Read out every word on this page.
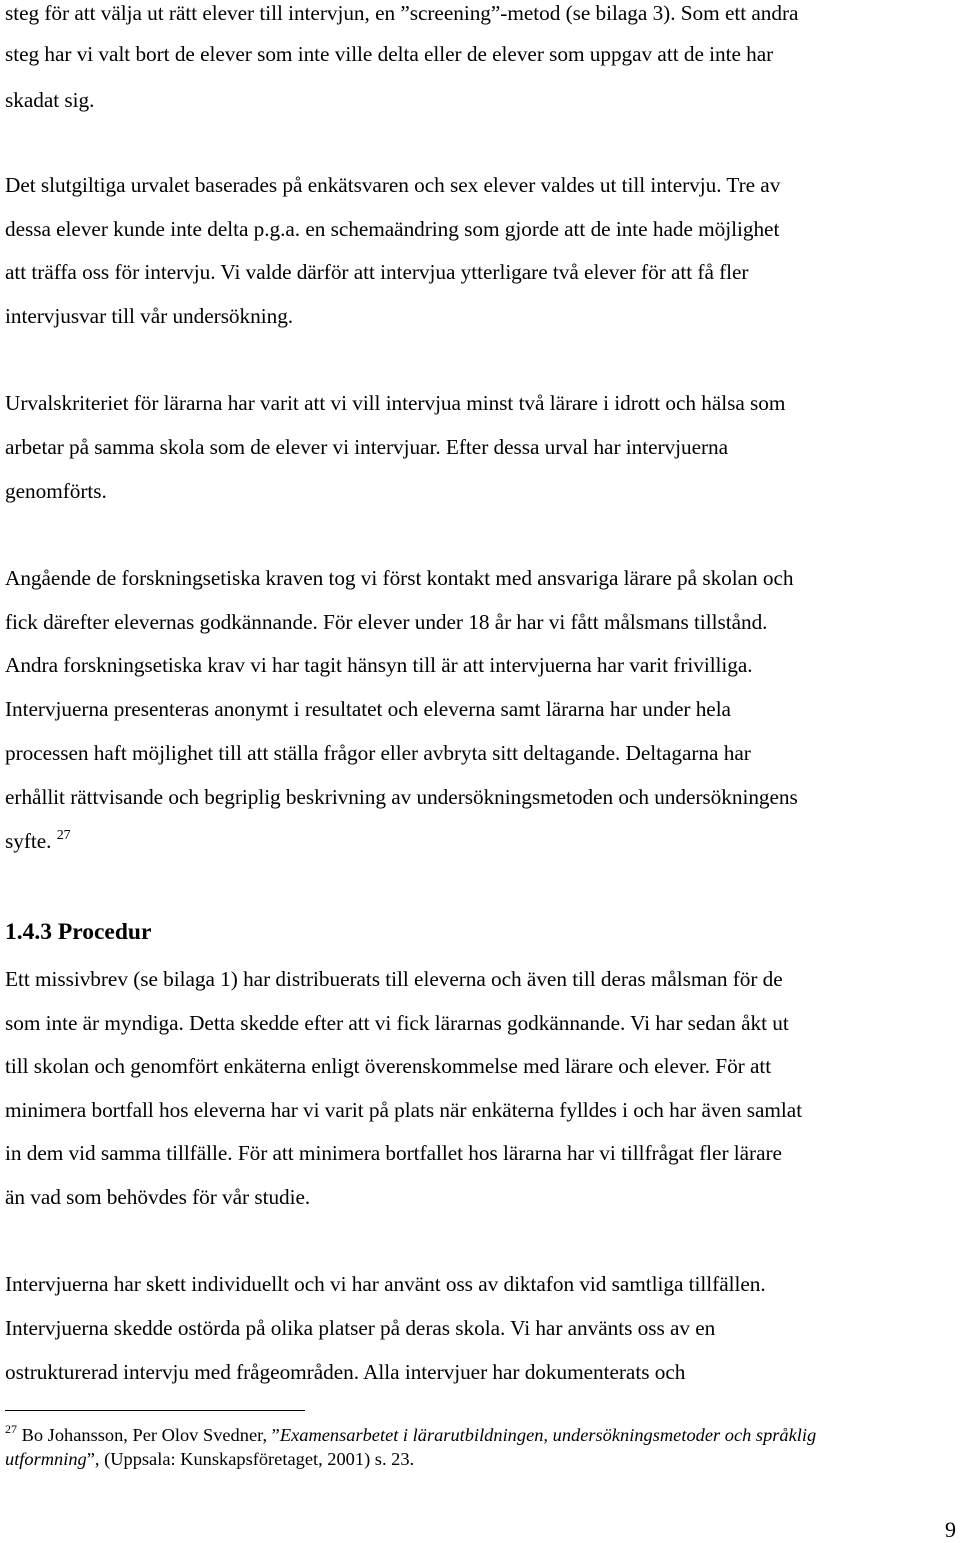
steg för att välja ut rätt elever till intervjun, en ”screening”-metod (se bilaga 3). Som ett andra
steg har vi valt bort de elever som inte ville delta eller de elever som uppgav att de inte har
skadat sig.
Det slutgiltiga urvalet baserades på enkätsvaren och sex elever valdes ut till intervju. Tre av
dessa elever kunde inte delta p.g.a. en schemaändring som gjorde att de inte hade möjlighet
att träffa oss för intervju. Vi valde därför att intervjua ytterligare två elever för att få fler
intervjusvar till vår undersökning.
Urvalskriteriet för lärarna har varit att vi vill intervjua minst två lärare i idrott och hälsa som
arbetar på samma skola som de elever vi intervjuar. Efter dessa urval har intervjuerna
genomförts.
Angående de forskningsetiska kraven tog vi först kontakt med ansvariga lärare på skolan och
fick därefter elevernas godkännande. För elever under 18 år har vi fått målsmans tillstånd.
Andra forskningsetiska krav vi har tagit hänsyn till är att intervjuerna har varit frivilliga.
Intervjuerna presenteras anonymt i resultatet och eleverna samt lärarna har under hela
processen haft möjlighet till att ställa frågor eller avbryta sitt deltagande. Deltagarna har
erhållit rättvisande och begriplig beskrivning av undersökningsmetoden och undersökningens
syfte. $^{27}$
1.4.3 Procedur
Ett missivbrev (se bilaga 1) har distribuerats till eleverna och även till deras målsman för de
som inte är myndiga. Detta skedde efter att vi fick lärarnas godkännande. Vi har sedan åkt ut
till skolan och genomfört enkäterna enligt överenskommelse med lärare och elever. För att
minimera bortfall hos eleverna har vi varit på plats när enkäterna fylldes i och har även samlat
in dem vid samma tillfälle. För att minimera bortfallet hos lärarna har vi tillfrågat fler lärare
än vad som behövdes för vår studie.
Intervjuerna har skett individuellt och vi har använt oss av diktafon vid samtliga tillfällen.
Intervjuerna skedde ostörda på olika platser på deras skola. Vi har använts oss av en
ostrukturerad intervju med frågeområden. Alla intervjuer har dokumenterats och
$^{27}$ Bo Johansson, Per Olov Svedner, ”Examensarbetet i lärarutbildningen, undersökningsmetoder och språklig
utformning”, (Uppsala: Kunskapsföretaget, 2001) s. 23.
9
